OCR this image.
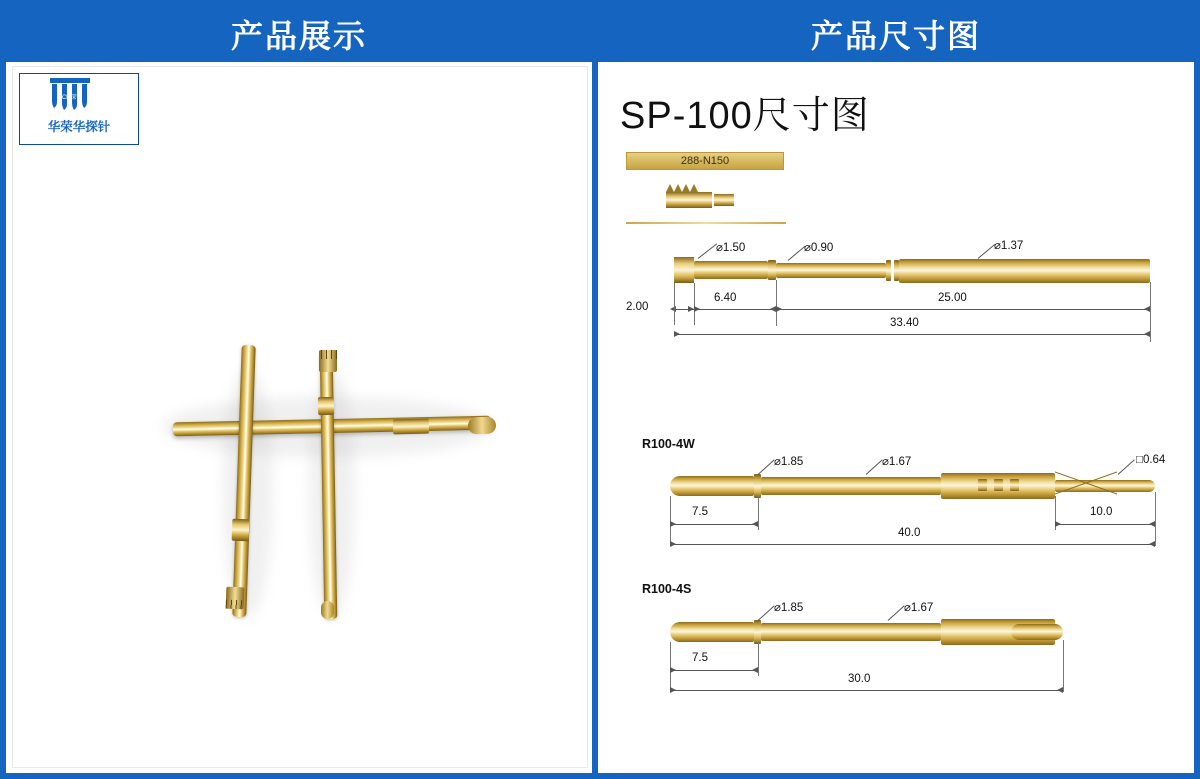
产品展示
PCB探针
华荣华探针
产品尺寸图
SP-100尺寸图
288-N150
⌀1.50	⌀0.90	⌀1.37
2.00
6.40	25.00
33.40
R100-4W
⌀1.85	⌀1.67	□0.64
7.5	10.0
40.0
R100-4S
⌀1.85	⌀1.67
7.5
30.0
